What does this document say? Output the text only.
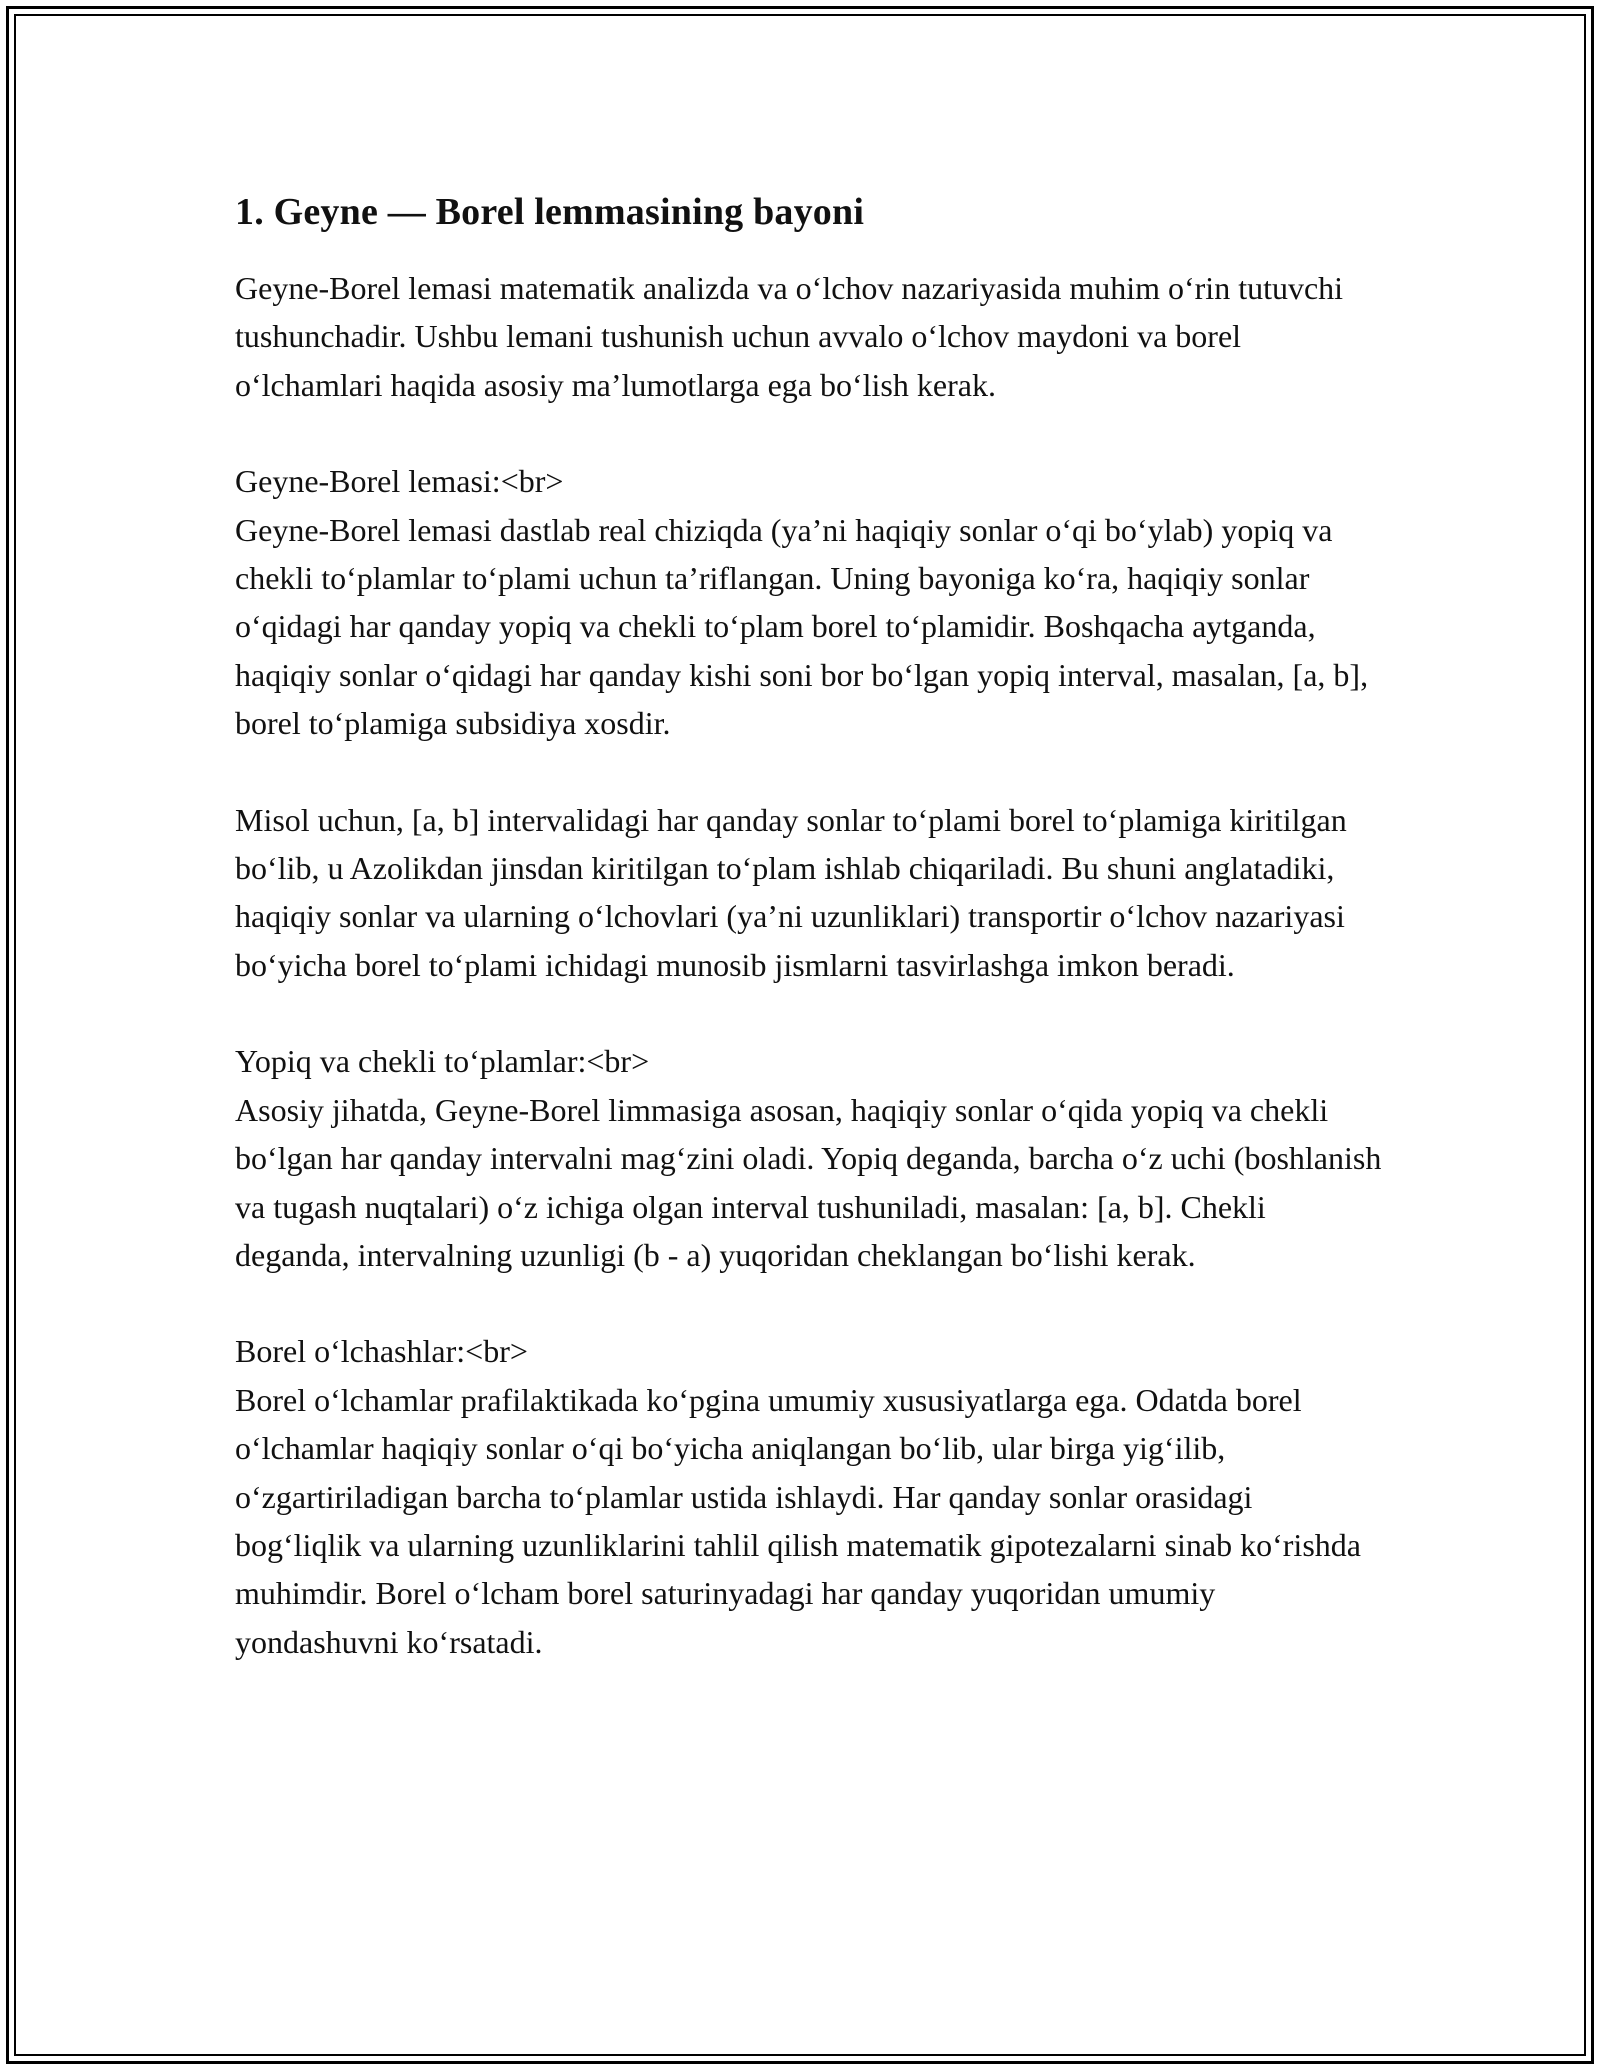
1. Geyne — Borel lemmasining bayoni

Geyne-Borel lemasi matematik analizda va o‘lchov nazariyasida muhim o‘rin tutuvchi tushunchadir. Ushbu lemani tushunish uchun avvalo o‘lchov maydoni va borel o‘lchamlari haqida asosiy ma’lumotlarga ega bo‘lish kerak.

Geyne-Borel lemasi:<br>
Geyne-Borel lemasi dastlab real chiziqda (ya’ni haqiqiy sonlar o‘qi bo‘ylab) yopiq va chekli to‘plamlar to‘plami uchun ta’riflangan. Uning bayoniga ko‘ra, haqiqiy sonlar o‘qidagi har qanday yopiq va chekli to‘plam borel to‘plamidir. Boshqacha aytganda, haqiqiy sonlar o‘qidagi har qanday kishi soni bor bo‘lgan yopiq interval, masalan, [a, b], borel to‘plamiga subsidiya xosdir.

Misol uchun, [a, b] intervalidagi har qanday sonlar to‘plami borel to‘plamiga kiritilgan bo‘lib, u Azolikdan jinsdan kiritilgan to‘plam ishlab chiqariladi. Bu shuni anglatadiki, haqiqiy sonlar va ularning o‘lchovlari (ya’ni uzunliklari) transportir o‘lchov nazariyasi bo‘yicha borel to‘plami ichidagi munosib jismlarni tasvirlashga imkon beradi.

Yopiq va chekli to‘plamlar:<br>
Asosiy jihatda, Geyne-Borel limmasiga asosan, haqiqiy sonlar o‘qida yopiq va chekli bo‘lgan har qanday intervalni mag‘zini oladi. Yopiq deganda, barcha o‘z uchi (boshlanish va tugash nuqtalari) o‘z ichiga olgan interval tushuniladi, masalan: [a, b]. Chekli deganda, intervalning uzunligi (b - a) yuqoridan cheklangan bo‘lishi kerak.

Borel o‘lchashlar:<br>
Borel o‘lchamlar prafilaktikada ko‘pgina umumiy xususiyatlarga ega. Odatda borel o‘lchamlar haqiqiy sonlar o‘qi bo‘yicha aniqlangan bo‘lib, ular birga yig‘ilib, o‘zgartiriladigan barcha to‘plamlar ustida ishlaydi. Har qanday sonlar orasidagi bog‘liqlik va ularning uzunliklarini tahlil qilish matematik gipotezalarni sinab ko‘rishda muhimdir. Borel o‘lcham borel saturinyadagi har qanday yuqoridan umumiy yondashuvni ko‘rsatadi.
